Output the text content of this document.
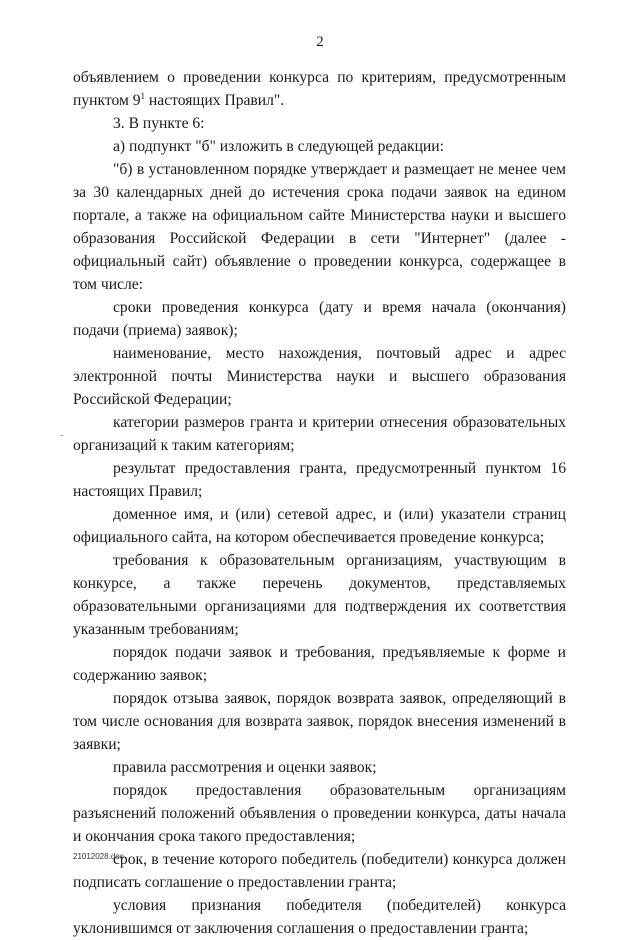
2
-

объявлением о проведении конкурса по критериям, предусмотренным пунктом $9^1$ настоящих Правил".

3. В пункте 6:

а) подпункт "б" изложить в следующей редакции:

"б) в установленном порядке утверждает и размещает не менее чем за 30 календарных дней до истечения срока подачи заявок на едином портале, а также на официальном сайте Министерства науки и высшего образования Российской Федерации в сети "Интернет" (далее - официальный сайт) объявление о проведении конкурса, содержащее в том числе:

сроки проведения конкурса (дату и время начала (окончания) подачи (приема) заявок);

наименование, место нахождения, почтовый адрес и адрес электронной почты Министерства науки и высшего образования Российской Федерации;

категории размеров гранта и критерии отнесения образовательных организаций к таким категориям;

результат предоставления гранта, предусмотренный пунктом 16 настоящих Правил;

доменное имя, и (или) сетевой адрес, и (или) указатели страниц официального сайта, на котором обеспечивается проведение конкурса;

требования к образовательным организациям, участвующим в конкурсе, а также перечень документов, представляемых образовательными организациями для подтверждения их соответствия указанным требованиям;

порядок подачи заявок и требования, предъявляемые к форме и содержанию заявок;

порядок отзыва заявок, порядок возврата заявок, определяющий в том числе основания для возврата заявок, порядок внесения изменений в заявки;

правила рассмотрения и оценки заявок;

порядок предоставления образовательным организациям разъяснений положений объявления о проведении конкурса, даты начала и окончания срока такого предоставления;

срок, в течение которого победитель (победители) конкурса должен подписать соглашение о предоставлении гранта;

условия признания победителя (победителей) конкурса уклонившимся от заключения соглашения о предоставлении гранта;

21012028.doc
